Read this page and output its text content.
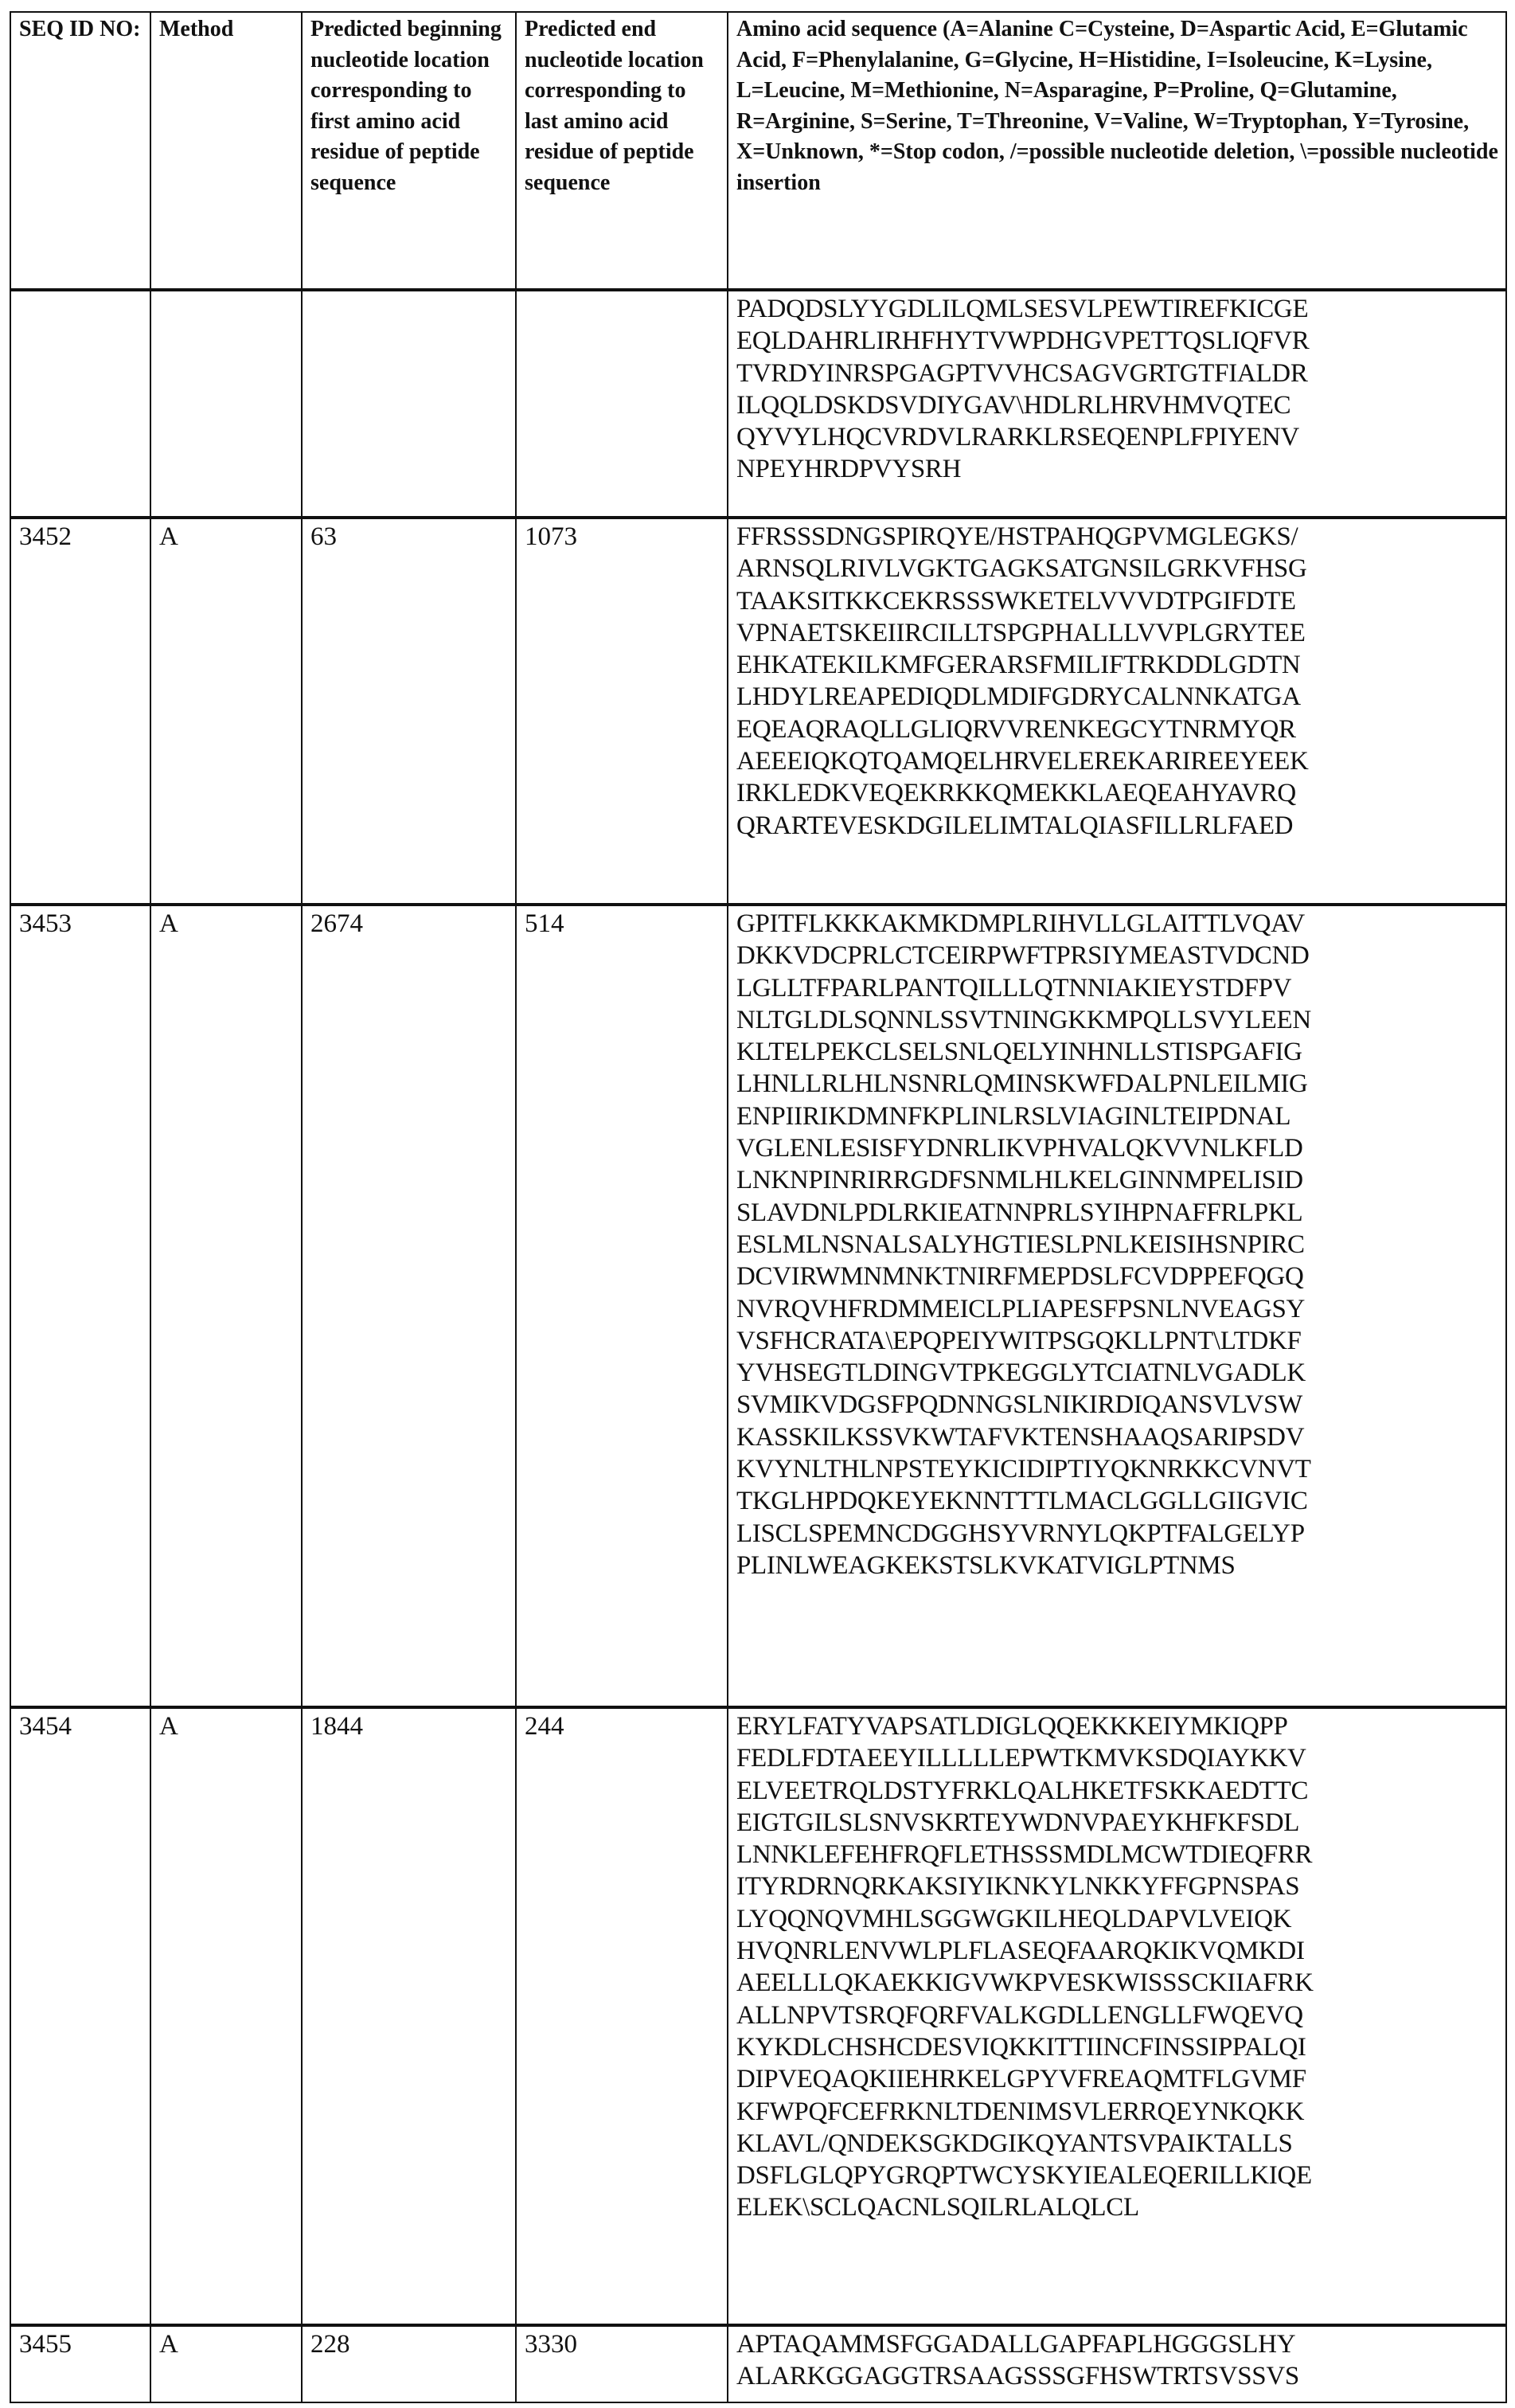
SEQ ID NO:	Method	Predicted beginning nucleotide location corresponding to first amino acid residue of peptide sequence	Predicted end nucleotide location corresponding to last amino acid residue of peptide sequence	Amino acid sequence (A=Alanine C=Cysteine, D=Aspartic Acid, E=Glutamic Acid, F=Phenylalanine, G=Glycine, H=Histidine, I=Isoleucine, K=Lysine, L=Leucine, M=Methionine, N=Asparagine, P=Proline, Q=Glutamine, R=Arginine, S=Serine, T=Threonine, V=Valine, W=Tryptophan, Y=Tyrosine, X=Unknown, *=Stop codon, /=possible nucleotide deletion, \=possible nucleotide insertion

PADQDSLYYGDLILQMLSESVLPEWTIREFKICGE
EQLDAHRLIRHFHYTVWPDHGVPETTQSLIQFVR
TVRDYINRSPGAGPTVVHCSAGVGRTGTFIALDR
ILQQLDSKDSVDIYGAV\HDLRLHRVHMVQTEC
QYVYLHQCVRDVLRARKLRSEQENPLFPIYENV
NPEYHRDPVYSRH

3452	A	63	1073	FFRSSSDNGSPIRQYE/HSTPAHQGPVMGLEGKS/
ARNSQLRIVLVGKTGAGKSATGNSILGRKVFHSG
TAAKSITKKCEKRSSSWKETELVVVDTPGIFDTE
VPNAETSKEIIRCILLTSPGPHALLLVVPLGRYTEE
EHKATEKILKMFGERARSFMILIFTRKDDLGDTN
LHDYLREAPEDIQDLMDIFGDRYCALNNKATGA
EQEAQRAQLLGLIQRVVRENKEGCYTNRMYQR
AEEEIQKQTQAMQELHRVELEREKARIREEYEEK
IRKLEDKVEQEKRKKQMEKKLAEQEAHYAVRQ
QRARTEVESKDGILELIMTALQIASFILLRLFAED

3453	A	2674	514	GPITFLKKKAKMKDMPLRIHVLLGLAITTLVQAV
DKKVDCPRLCTCEIRPWFTPRSIYMEASTVDCND
LGLLTFPARLPANTQILLLQTNNIAKIEYSTDFPV
NLTGLDLSQNNLSSVTNINGKKMPQLLSVYLEEN
KLTELPEKCLSELSNLQELYINHNLLSTISPGAFIG
LHNLLRLHLNSNRLQMINSKWFDALPNLEILMIG
ENPIIRIKDMNFKPLINLRSLVIAGINLTEIPDNAL
VGLENLESISFYDNRLIKVPHVALQKVVNLKFLD
LNKNPINRIRRGDFSNMLHLKELGINNMPELISID
SLAVDNLPDLRKIEATNNPRLSYIHPNAFFRLPKL
ESLMLNSNALSALYHGTIESLPNLKEISIHSNPIRC
DCVIRWMNMNKTNIRFMEPDSLFCVDPPEFQGQ
NVRQVHFRDMMEICLPLIAPESFPSNLNVEAGSY
VSFHCRATA\EPQPEIYWITPSGQKLLPNT\LTDKF
YVHSEGTLDINGVTPKEGGLYTCIATNLVGADLK
SVMIKVDGSFPQDNNGSLNIKIRDIQANSVLVSW
KASSKILKSSVKWTAFVKTENSHAAQSARIPSDV
KVYNLTHLNPSTEYKICIDIPTIYQKNRKKCVNVT
TKGLHPDQKEYEKNNTTTLMACLGGLLGIIGVIC
LISCLSPEMNCDGGHSYVRNYLQKPTFALGELYP
PLINLWEAGKEKSTSLKVKATVIGLPTNMS

3454	A	1844	244	ERYLFATYVAPSATLDIGLQQEKKKEIYMKIQPP
FEDLFDTAEEYILLLLLEPWTKMVKSDQIAYKKV
ELVEETRQLDSTYFRKLQALHKETFSKKAEDTTC
EIGTGILSLSNVSKRTEYWDNVPAEYKHFKFSDL
LNNKLEFEHFRQFLETHSSSMDLMCWTDIEQFRR
ITYRDRNQRKAKSIYIKNKYLNKKYFFGPNSPAS
LYQQNQVMHLSGGWGKILHEQLDAPVLVEIQK
HVQNRLENVWLPLFLASEQFAARQKIKVQMKDI
AEELLLQKAEKKIGVWKPVESKWISSSCKIIAFRK
ALLNPVTSRQFQRFVALKGDLLENGLLFWQEVQ
KYKDLCHSHCDESVIQKKITTIINCFINSSIPPALQI
DIPVEQAQKIIEHRKELGPYVFREAQMTFLGVMF
KFWPQFCEFRKNLTDENIMSVLERRQEYNKQKK
KLAVL/QNDEKSGKDGIKQYANTSVPAIKTALLS
DSFLGLQPYGRQPTWCYSKYIEALEQERILLKIQE
ELEK\SCLQACNLSQILRLALQLCL

3455	A	228	3330	APTAQAMMSFGGADALLGAPFAPLHGGGSLHY
ALARKGGAGGTRSAAGSSSGFHSWTRTSVSSVS
